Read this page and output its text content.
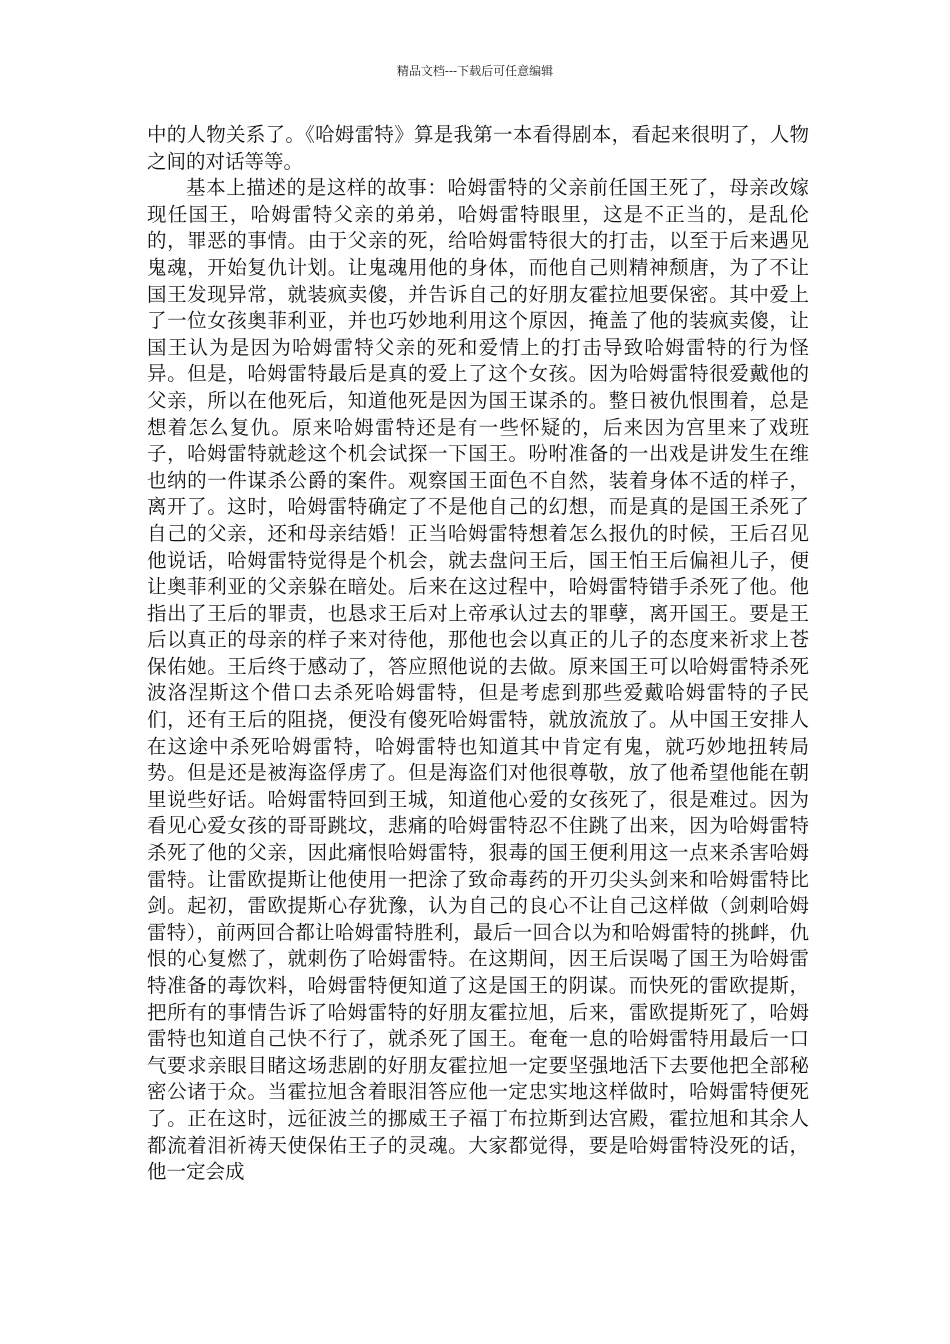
精品文档---下载后可任意编辑

中的人物关系了。《哈姆雷特》算是我第一本看得剧本，看起来很明了，人物之间的对话等等。

基本上描述的是这样的故事：哈姆雷特的父亲前任国王死了，母亲改嫁现任国王，哈姆雷特父亲的弟弟，哈姆雷特眼里，这是不正当的，是乱伦的，罪恶的事情。由于父亲的死，给哈姆雷特很大的打击，以至于后来遇见鬼魂，开始复仇计划。让鬼魂用他的身体，而他自己则精神颓唐，为了不让国王发现异常，就装疯卖傻，并告诉自己的好朋友霍拉旭要保密。其中爱上了一位女孩奥菲利亚，并也巧妙地利用这个原因，掩盖了他的装疯卖傻，让国王认为是因为哈姆雷特父亲的死和爱情上的打击导致哈姆雷特的行为怪异。但是，哈姆雷特最后是真的爱上了这个女孩。因为哈姆雷特很爱戴他的父亲，所以在他死后，知道他死是因为国王谋杀的。整日被仇恨围着，总是想着怎么复仇。原来哈姆雷特还是有一些怀疑的，后来因为宫里来了戏班子，哈姆雷特就趁这个机会试探一下国王。吩咐准备的一出戏是讲发生在维也纳的一件谋杀公爵的案件。观察国王面色不自然，装着身体不适的样子，离开了。这时，哈姆雷特确定了不是他自己的幻想，而是真的是国王杀死了自己的父亲，还和母亲结婚！正当哈姆雷特想着怎么报仇的时候，王后召见他说话，哈姆雷特觉得是个机会，就去盘问王后，国王怕王后偏袒儿子，便让奥菲利亚的父亲躲在暗处。后来在这过程中，哈姆雷特错手杀死了他。他指出了王后的罪责，也恳求王后对上帝承认过去的罪孽，离开国王。要是王后以真正的母亲的样子来对待他，那他也会以真正的儿子的态度来祈求上苍保佑她。王后终于感动了，答应照他说的去做。原来国王可以哈姆雷特杀死波洛涅斯这个借口去杀死哈姆雷特，但是考虑到那些爱戴哈姆雷特的子民们，还有王后的阻挠，便没有傻死哈姆雷特，就放流放了。从中国王安排人在这途中杀死哈姆雷特，哈姆雷特也知道其中肯定有鬼，就巧妙地扭转局势。但是还是被海盗俘虏了。但是海盗们对他很尊敬，放了他希望他能在朝里说些好话。哈姆雷特回到王城，知道他心爱的女孩死了，很是难过。因为看见心爱女孩的哥哥跳坟，悲痛的哈姆雷特忍不住跳了出来，因为哈姆雷特杀死了他的父亲，因此痛恨哈姆雷特，狠毒的国王便利用这一点来杀害哈姆雷特。让雷欧提斯让他使用一把涂了致命毒药的开刃尖头剑来和哈姆雷特比剑。起初，雷欧提斯心存犹豫，认为自己的良心不让自己这样做（剑刺哈姆雷特），前两回合都让哈姆雷特胜利，最后一回合以为和哈姆雷特的挑衅，仇恨的心复燃了，就刺伤了哈姆雷特。在这期间，因王后误喝了国王为哈姆雷特准备的毒饮料，哈姆雷特便知道了这是国王的阴谋。而快死的雷欧提斯，把所有的事情告诉了哈姆雷特的好朋友霍拉旭，后来，雷欧提斯死了，哈姆雷特也知道自己快不行了，就杀死了国王。奄奄一息的哈姆雷特用最后一口气要求亲眼目睹这场悲剧的好朋友霍拉旭一定要坚强地活下去要他把全部秘密公诸于众。当霍拉旭含着眼泪答应他一定忠实地这样做时，哈姆雷特便死了。正在这时，远征波兰的挪威王子福丁布拉斯到达宫殿，霍拉旭和其余人都流着泪祈祷天使保佑王子的灵魂。大家都觉得，要是哈姆雷特没死的话，他一定会成
